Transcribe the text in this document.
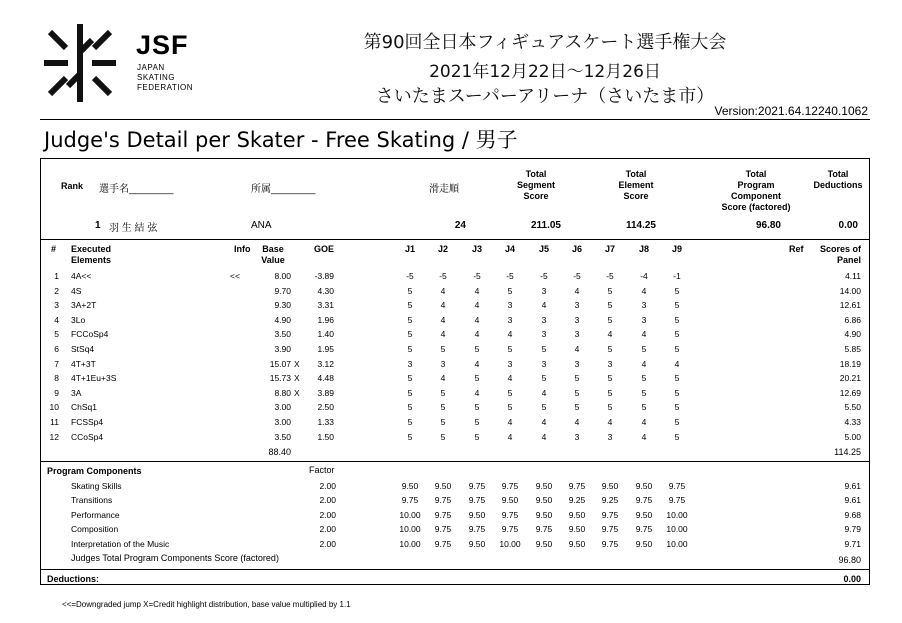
JSF
JAPAN
SKATING
FEDERATION
第90回全日本フィギュアスケート選手権大会
2021年12月22日～12月26日
さいたまスーパーアリーナ（さいたま市）
Version:2021.64.12240.1062
Judge's Detail per Skater - Free Skating / 男子
Rank 選手名________	所属________	滑走順
Total
Segment
Score
Total
Element
Score
Total
Program
Component
Score (factored)
Total
Deductions
1 羽 生 結 弦	ANA	24	211.05	114.25	96.80	0.00
# Executed
Elements
Info	Base
Value
GOE	J1	J2	J3	J4	J5	J6	J7	J8	J9	Ref	Scores of
Panel
1 4A<<	<<	8.00	-3.89	-5	-5	-5	-5	-5	-5	-5	-4	-1	4.11
2 4S	9.70	4.30	5	4	4	5	3	4	5	4	5	14.00
3 3A+2T	9.30	3.31	5	4	4	3	4	3	5	3	5	12.61
4 3Lo	4.90	1.96	5	4	4	3	3	3	5	3	5	6.86
5 FCCoSp4	3.50	1.40	5	4	4	4	3	3	4	4	5	4.90
6 StSq4	3.90	1.95	5	5	5	5	5	4	5	5	5	5.85
7 4T+3T	15.07 X	3.12	3	3	4	3	3	3	3	4	4	18.19
8 4T+1Eu+3S	15.73 X	4.48	5	4	5	4	5	5	5	5	5	20.21
9 3A	8.80 X	3.89	5	5	4	5	4	5	5	5	5	12.69
10 ChSq1	3.00	2.50	5	5	5	5	5	5	5	5	5	5.50
11 FCSSp4	3.00	1.33	5	5	5	4	4	4	4	4	5	4.33
12 CCoSp4	3.50	1.50	5	5	5	4	4	3	3	4	5	5.00
88.40	114.25
Program Components	Factor
Skating Skills	2.00	9.50	9.50	9.75	9.75	9.50	9.75	9.50	9.50	9.75	9.61
Transitions	2.00	9.75	9.75	9.75	9.50	9.50	9.25	9.25	9.75	9.75	9.61
Performance	2.00	10.00	9.75	9.50	9.75	9.50	9.50	9.75	9.50	10.00	9.68
Composition	2.00	10.00	9.75	9.75	9.75	9.75	9.50	9.75	9.75	10.00	9.79
Interpretation of the Music	2.00	10.00	9.75	9.50	10.00	9.50	9.50	9.75	9.50	10.00	9.71
Judges Total Program Components Score (factored)	96.80
Deductions:	0.00
<<=Downgraded jump X=Credit highlight distribution, base value multiplied by 1.1
